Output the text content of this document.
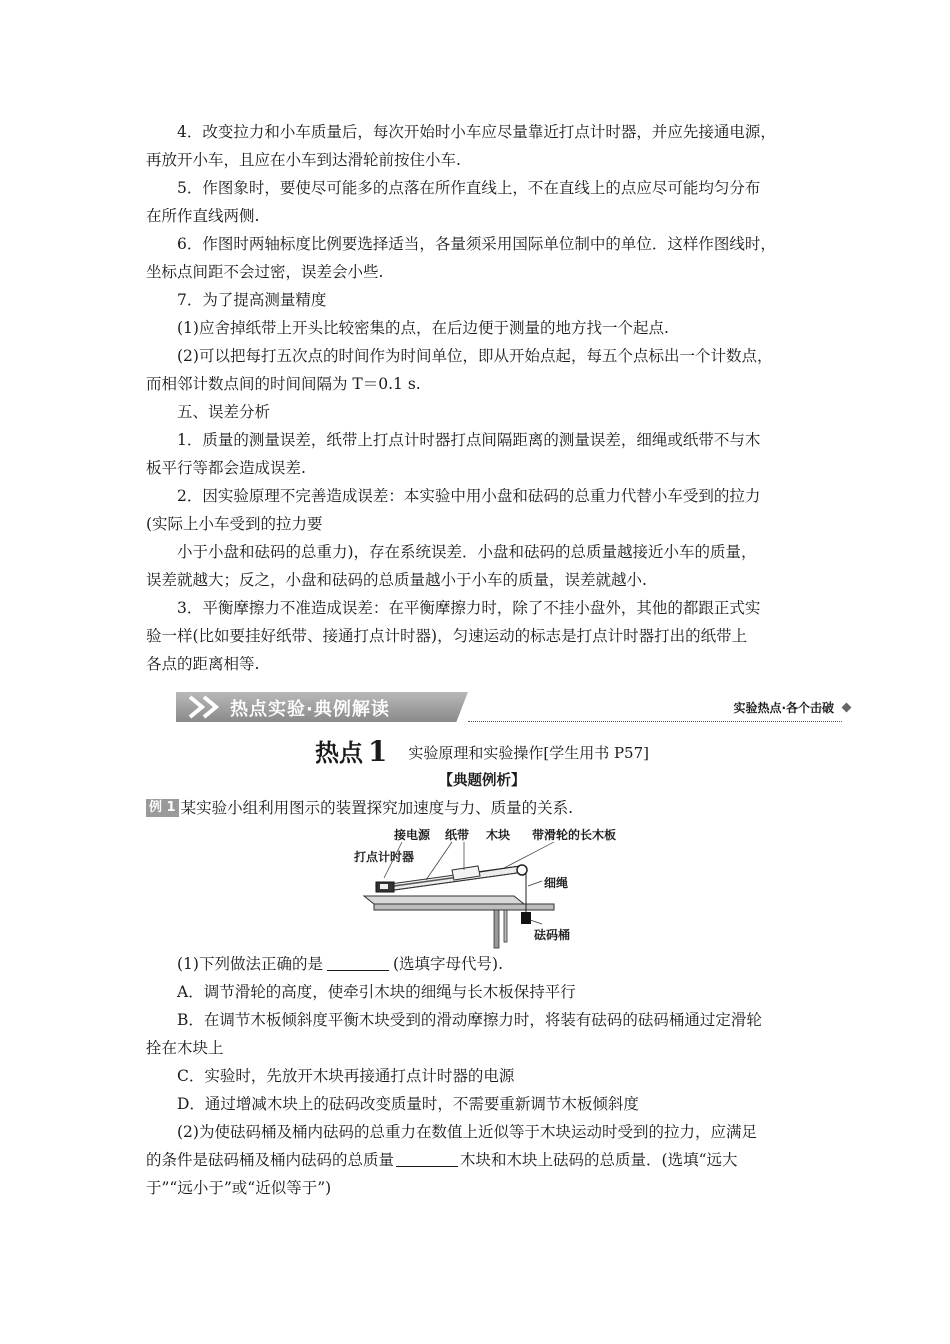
4．改变拉力和小车质量后，每次开始时小车应尽量靠近打点计时器，并应先接通电源，

再放开小车，且应在小车到达滑轮前按住小车.

5．作图象时，要使尽可能多的点落在所作直线上，不在直线上的点应尽可能均匀分布

在所作直线两侧.

6．作图时两轴标度比例要选择适当，各量须采用国际单位制中的单位．这样作图线时，

坐标点间距不会过密，误差会小些.

7．为了提高测量精度

(1)应舍掉纸带上开头比较密集的点，在后边便于测量的地方找一个起点.

(2)可以把每打五次点的时间作为时间单位，即从开始点起，每五个点标出一个计数点，

而相邻计数点间的时间间隔为 T＝0.1 s.

五、误差分析

1．质量的测量误差，纸带上打点计时器打点间隔距离的测量误差，细绳或纸带不与木

板平行等都会造成误差.

2．因实验原理不完善造成误差：本实验中用小盘和砝码的总重力代替小车受到的拉力

(实际上小车受到的拉力要

小于小盘和砝码的总重力)，存在系统误差．小盘和砝码的总质量越接近小车的质量，

误差就越大；反之，小盘和砝码的总质量越小于小车的质量，误差就越小.

3．平衡摩擦力不准造成误差：在平衡摩擦力时，除了不挂小盘外，其他的都跟正式实

验一样(比如要挂好纸带、接通打点计时器)，匀速运动的标志是打点计时器打出的纸带上

各点的距离相等.

热点实验·典例解读	实验热点·各个击破
热点 1 实验原理和实验操作[学生用书 P57]

【典题例析】

例 1 某实验小组利用图示的装置探究加速度与力、质量的关系.

接电源 纸带 木块 带滑轮的长木板
打点计时器
细绳
砝码桶

(1)下列做法正确的是	(选填字母代号).

A．调节滑轮的高度，使牵引木块的细绳与长木板保持平行

B．在调节木板倾斜度平衡木块受到的滑动摩擦力时，将装有砝码的砝码桶通过定滑轮

拴在木块上

C．实验时，先放开木块再接通打点计时器的电源

D．通过增减木块上的砝码改变质量时，不需要重新调节木板倾斜度

(2)为使砝码桶及桶内砝码的总重力在数值上近似等于木块运动时受到的拉力，应满足

的条件是砝码桶及桶内砝码的总质量	木块和木块上砝码的总质量．(选填“远大

于”“远小于”或“近似等于”)
